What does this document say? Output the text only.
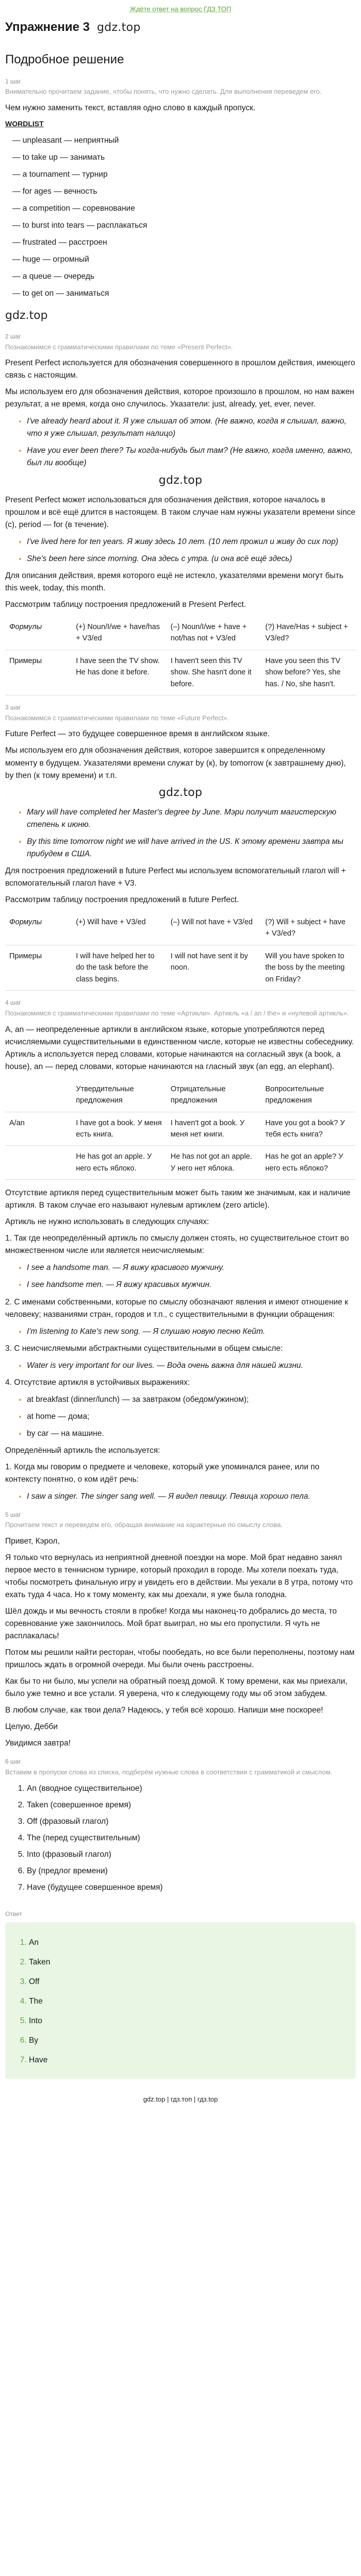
Ждёте ответ на вопрос ГДЗ ТОП
Упражнение 3 gdz.top
Подробное решение
1 шаг
Внимательно прочитаем задание, чтобы понять, что нужно сделать. Для выполнения переведем его.

Чем нужно заменить текст, вставляя одно слово в каждый пропуск.

WORDLIST
— unpleasant — неприятный
— to take up — занимать
— a tournament — турнир
— for ages — вечность
— a competition — соревнование
— to burst into tears — расплакаться
— frustrated — расстроен
— huge — огромный
— a queue — очередь
— to get on — заниматься
gdz.top
2 шаг
Познакомимся с грамматическими правилами по теме «Present Perfect».

Present Perfect используется для обозначения совершенного в прошлом действия, имеющего связь с настоящим.

Мы используем его для обозначения действия, которое произошло в прошлом, но нам важен результат, а не время, когда оно случилось. Указатели: just, already, yet, ever, never.

• I've already heard about it. Я уже слышал об этом. (Не важно, когда я слышал, важно, что я уже слышал, результат налицо)
• Have you ever been there? Ты когда-нибудь был там? (Не важно, когда именно, важно, был ли вообще)
gdz.top

Present Perfect может использоваться для обозначения действия, которое началось в прошлом и всё ещё длится в настоящем. В таком случае нам нужны указатели времени since (с), period — for (в течение).

• I've lived here for ten years. Я живу здесь 10 лет. (10 лет прожил и живу до сих пор)
• She's been here since morning. Она здесь с утра. (и она всё ещё здесь)

Для описания действия, время которого ещё не истекло, указателями времени могут быть this week, today, this month.

Рассмотрим таблицу построения предложений в Present Perfect.

Формулы	(+) Noun/I/we + have/has + V3/ed	(–) Noun/I/we + have + not/has not + V3/ed	(?) Have/Has + subject + V3/ed?
Примеры	I have seen the TV show. He has done it before.	I haven't seen this TV show. She hasn't done it before.	Have you seen this TV show before? Yes, she has. / No, she hasn't.
3 шаг
Познакомимся с грамматическими правилами по теме «Future Perfect».

Future Perfect — это будущее совершенное время в английском языке.

Мы используем его для обозначения действия, которое завершится к определенному моменту в будущем. Указателями времени служат by (к), by tomorrow (к завтрашнему дню), by then (к тому времени) и т.п.

gdz.top
• Mary will have completed her Master's degree by June. Мэри получит магистерскую степень к июню.
• By this time tomorrow night we will have arrived in the US. К этому времени завтра мы прибудем в США.

Для построения предложений в future Perfect мы используем вспомогательный глагол will + вспомогательный глагол have + V3.

Рассмотрим таблицу построения предложений в future Perfect.

Формулы	(+) Will have + V3/ed	(–) Will not have + V3/ed	(?) Will + subject + have + V3/ed?
Примеры	I will have helped her to do the task before the class begins.	I will not have sent it by noon.	Will you have spoken to the boss by the meeting on Friday?
4 шаг
Познакомимся с грамматическими правилами по теме «Артикли». Артикль «a / an / the» и «нулевой артикль».

A, an — неопределенные артикли в английском языке, которые употребляются перед исчисляемыми существительными в единственном числе, которые не известны собеседнику. Артикль a используется перед словами, которые начинаются на согласный звук (a book, a house), an — перед словами, которые начинаются на гласный звук (an egg, an elephant).

	Утвердительные предложения	Отрицательные предложения	Вопросительные предложения
A/an	I have got a book. У меня есть книга.	I haven't got a book. У меня нет книги.	Have you got a book? У тебя есть книга?
	He has got an apple. У него есть яблоко.	He has not got an apple. У него нет яблока.	Has he got an apple? У него есть яблоко?

Отсутствие артикля перед существительным может быть таким же значимым, как и наличие артикля. В таком случае его называют нулевым артиклем (zero article).

Артикль не нужно использовать в следующих случаях:

1. Так где неопределённый артикль по смыслу должен стоять, но существительное стоит во множественном числе или является неисчисляемым:

• I see a handsome man. — Я вижу красивого мужчину.
• I see handsome men. — Я вижу красивых мужчин.

2. С именами собственными, которые по смыслу обозначают явления и имеют отношение к человеку; названиями стран, городов и т.п., с существительными в функции обращения:

• I'm listening to Kate's new song. — Я слушаю новую песню Кейт.

3. С неисчисляемыми абстрактными существительными в общем смысле:

• Water is very important for our lives. — Вода очень важна для нашей жизни.

4. Отсутствие артикля в устойчивых выражениях:

• at breakfast (dinner/lunch) — за завтраком (обедом/ужином);
• at home — дома;
• by car — на машине.

Определённый артикль the используется:

1. Когда мы говорим о предмете и человеке, который уже упоминался ранее, или по контексту понятно, о ком идёт речь:

• I saw a singer. The singer sang well. — Я видел певицу. Певица хорошо пела.
5 шаг
Прочитаем текст и переведём его, обращая внимание на характерные по смыслу слова.

Привет, Кэрол,

Я только что вернулась из неприятной дневной поездки на море. Мой брат недавно занял первое место в теннисном турнире, который проходил в городе. Мы хотели поехать туда, чтобы посмотреть финальную игру и увидеть его в действии. Мы уехали в 8 утра, потому что ехать туда 4 часа. Но к тому моменту, как мы доехали, я уже была голодна.

Шёл дождь и мы вечность стояли в пробке! Когда мы наконец-то добрались до места, то соревнование уже закончилось. Мой брат выиграл, но мы его пропустили. Я чуть не расплакалась!

Потом мы решили найти ресторан, чтобы пообедать, но все были переполнены, поэтому нам пришлось ждать в огромной очереди. Мы были очень расстроены.

Как бы то ни было, мы успели на обратный поезд домой. К тому времени, как мы приехали, было уже темно и все устали. Я уверена, что к следующему году мы об этом забудем.

В любом случае, как твои дела? Надеюсь, у тебя всё хорошо. Напиши мне поскорее!

Целую, Дебби

Увидимся завтра!

6 шаг
Вставим в пропуски слова из списка, подберём нужные слова в соответствии с грамматикой и смыслом.
1. An (вводное существительное)
2. Taken (совершенное время)
3. Off (фразовый глагол)
4. The (перед существительным)
5. Into (фразовый глагол)
6. By (предлог времени)
7. Have (будущее совершенное время)
Ответ
1. An
2. Taken
3. Off
4. The
5. Into
6. By
7. Have
gdz.top | гдз.топ | гдз.top
